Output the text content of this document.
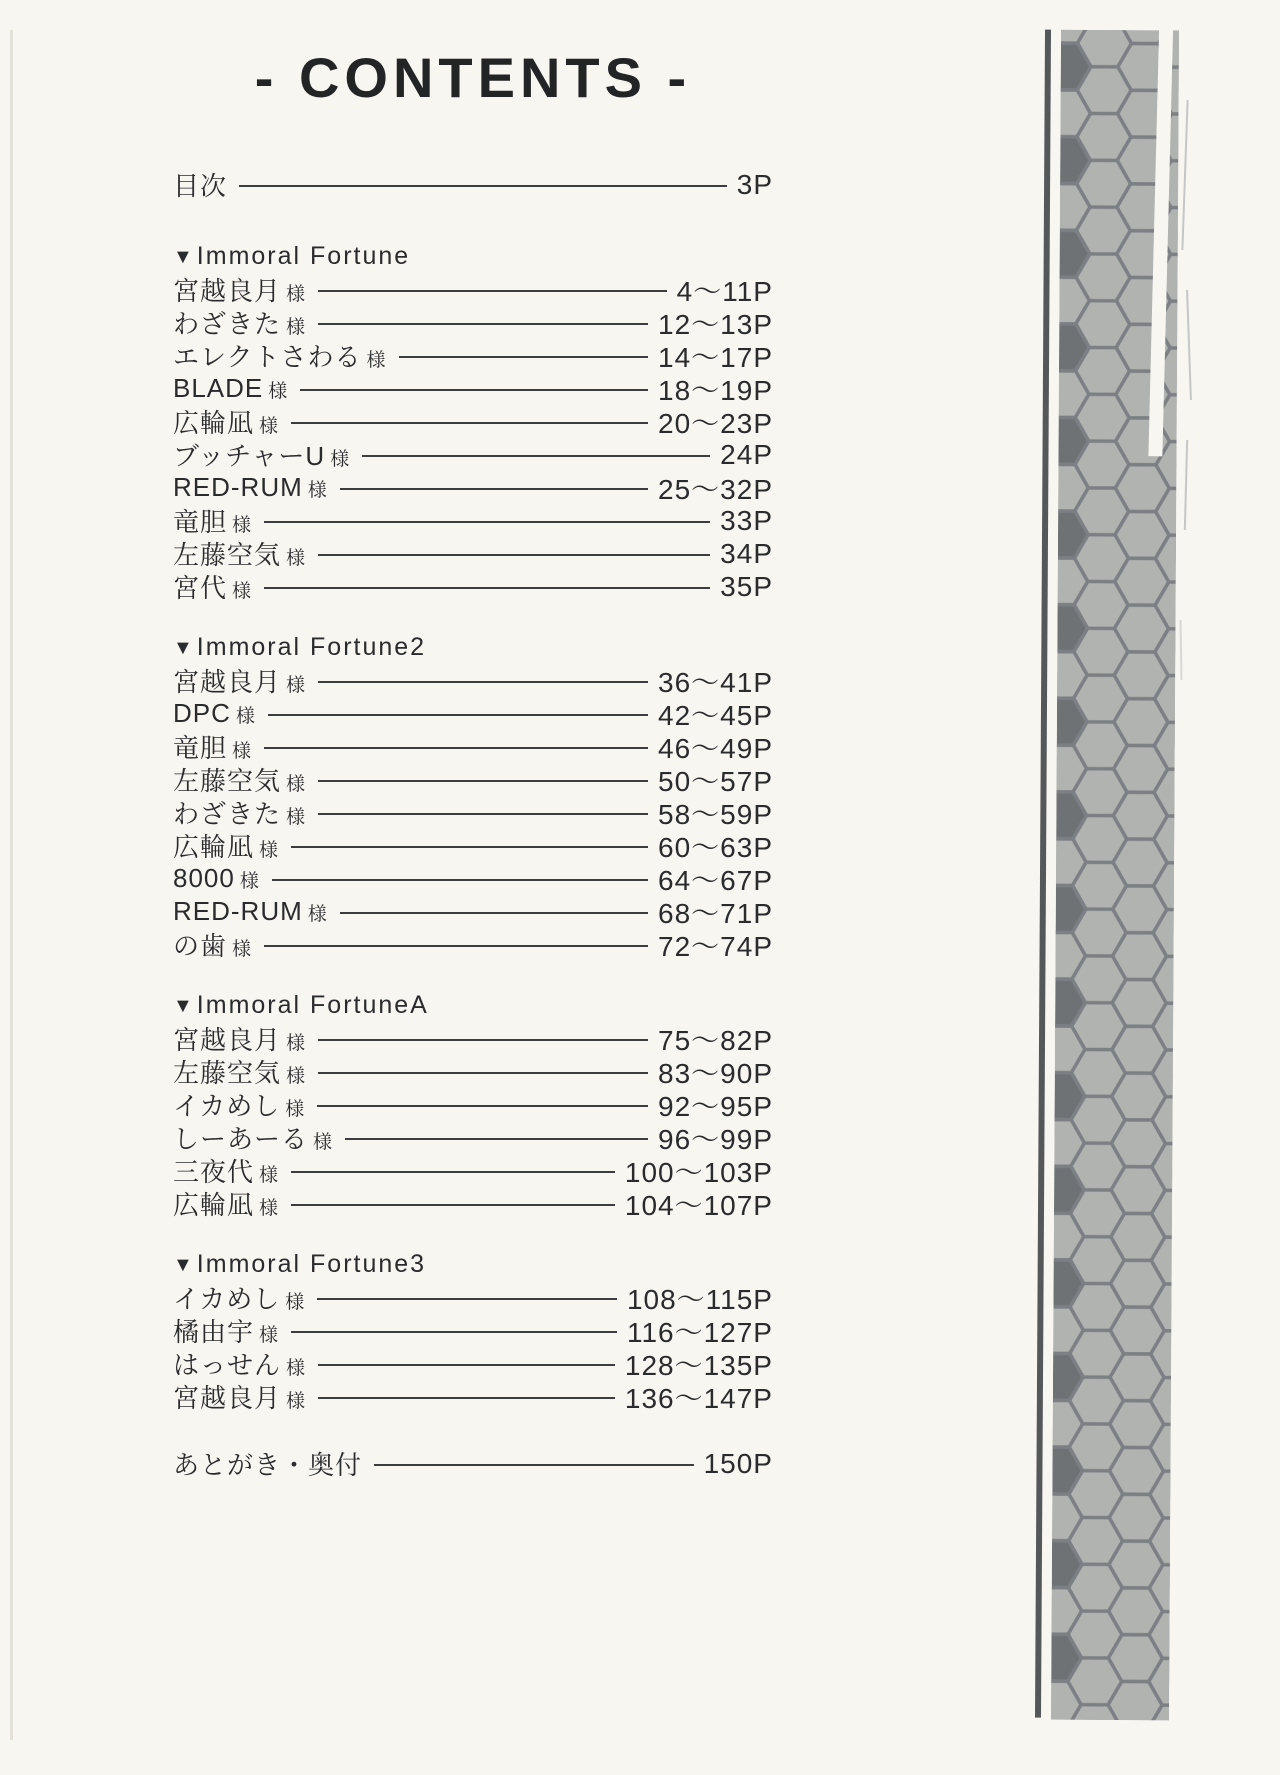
- CONTENTS -
目次	3P
▼ Immoral Fortune
宮越良月 様	4～11P
わざきた 様	12～13P
エレクトさわる 様	14～17P
BLADE 様	18～19P
広輪凪 様	20～23P
ブッチャーU 様	24P
RED-RUM 様	25～32P
竜胆 様	33P
左藤空気 様	34P
宮代 様	35P
▼ Immoral Fortune2
宮越良月 様	36～41P
DPC 様	42～45P
竜胆 様	46～49P
左藤空気 様	50～57P
わざきた 様	58～59P
広輪凪 様	60～63P
8000 様	64～67P
RED-RUM 様	68～71P
の歯 様	72～74P
▼ Immoral FortuneA
宮越良月 様	75～82P
左藤空気 様	83～90P
イカめし 様	92～95P
しーあーる 様	96～99P
三夜代 様	100～103P
広輪凪 様	104～107P
▼ Immoral Fortune3
イカめし 様	108～115P
橘由宇 様	116～127P
はっせん 様	128～135P
宮越良月 様	136～147P
あとがき・奥付	150P
